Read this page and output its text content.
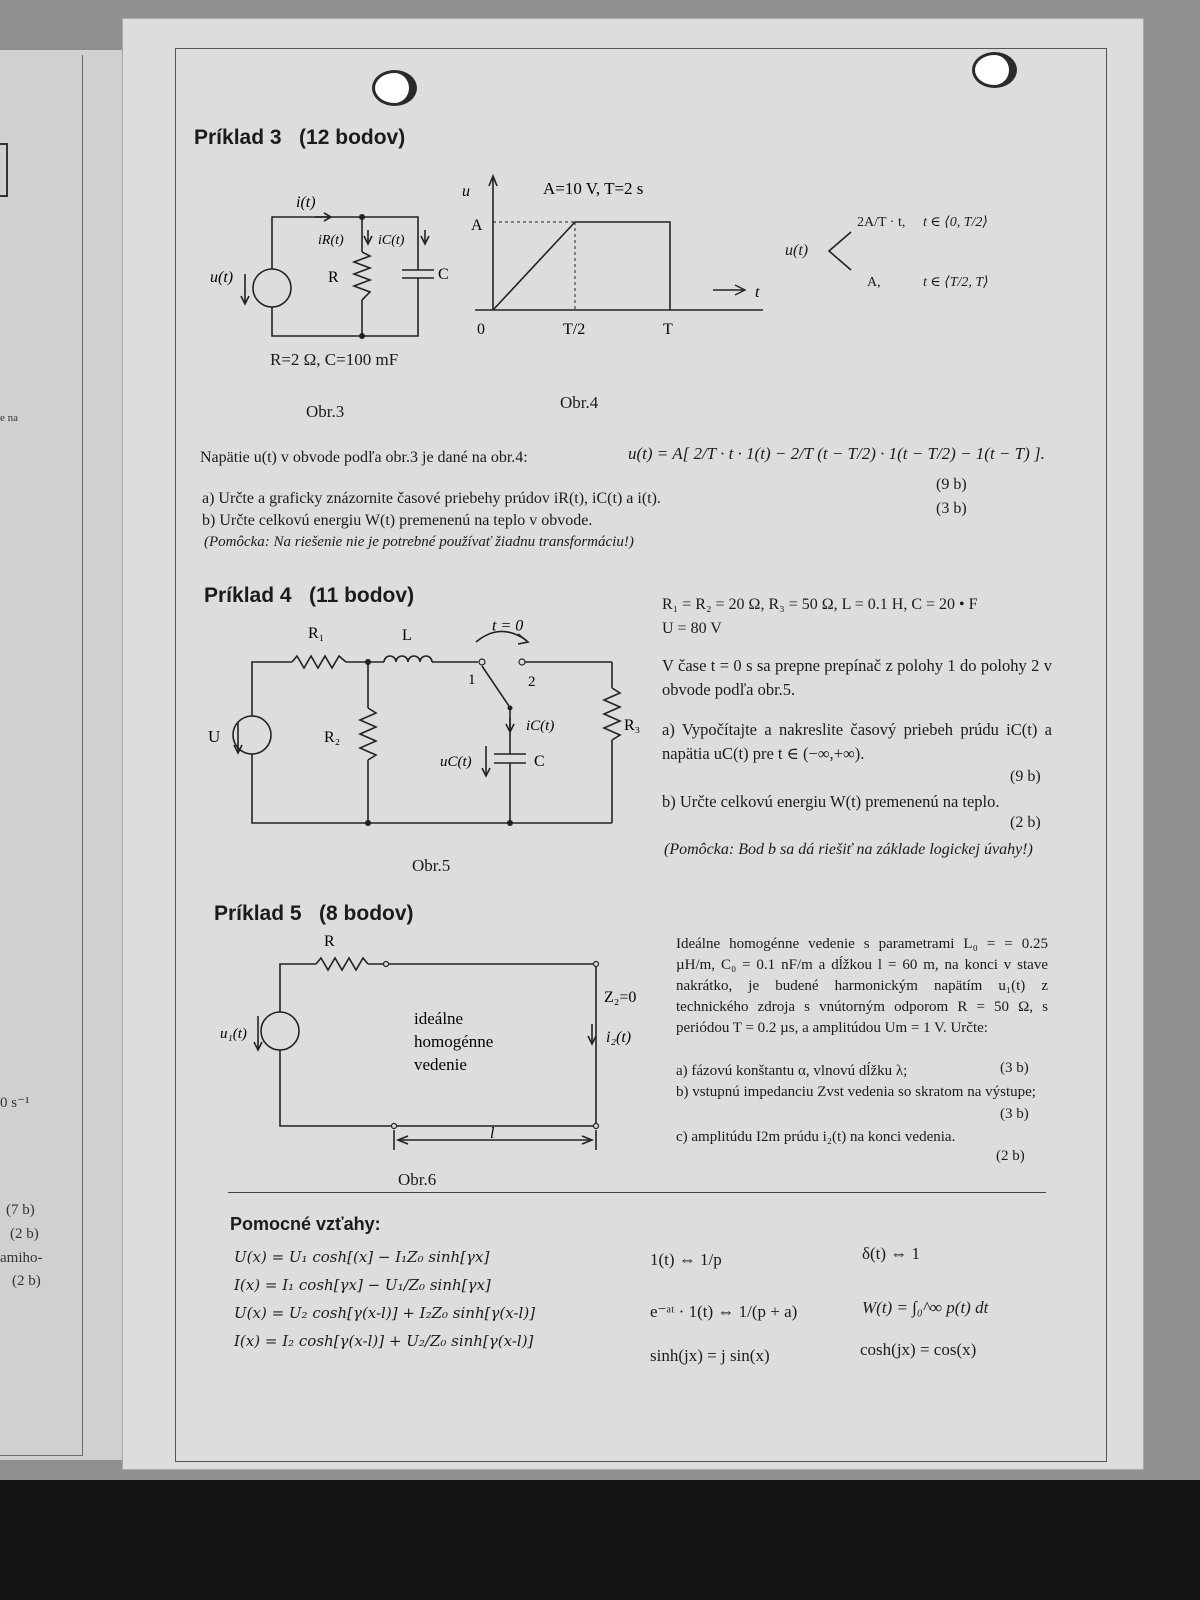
e na
0 s⁻¹
(7 b)
(2 b)
amiho-
(2 b)
Príklad 3   (12 bodov)
i(t)
iR(t) iC(t)
u(t)	R	C
R=2 Ω, C=100 mF
Obr.3
A=10 V, T=2 s
u
t
A
0	T/2	T
Obr.4
u(t)
2A/T · t, t ∈ ⟨0, T/2⟩
A,	t ∈ ⟨T/2, T⟩
Napätie u(t) v obvode podľa obr.3 je dané na obr.4:	u(t) = A[ 2/T · t · 1(t) − 2/T (t − T/2) · 1(t − T/2) − 1(t − T) ].
a) Určte a graficky znázornite časové priebehy prúdov iR(t), iC(t) a i(t).
(9 b)
b) Určte celkovú energiu W(t) premenenú na teplo v obvode.
(3 b)
(Pomôcka: Na riešenie nie je potrebné používať žiadnu transformáciu!)
Príklad 4   (11 bodov)
R₁	L
t = 0
1	2
U	R₂
iC(t)
uC(t)	C
R₃
Obr.5
R₁ = R₂ = 20 Ω, R₃ = 50 Ω, L = 0.1 H, C = 20 • F
U = 80 V
V čase t = 0 s sa prepne prepínač z polohy 1 do polohy 2 v obvode podľa obr.5.
a) Vypočítajte a nakreslite časový priebeh prúdu iC(t) a napätia uC(t) pre t ∈ (−∞,+∞).
(9 b)
b) Určte celkovú energiu W(t) premenenú na teplo.
(2 b)
(Pomôcka: Bod b sa dá riešiť na základe logickej úvahy!)
Príklad 5   (8 bodov)
R
u₁(t)
Z₂=0
i₂(t)
l
ideálne
homogénne
vedenie
Obr.6
Ideálne homogénne vedenie s parametrami L₀ = = 0.25 µH/m, C₀ = 0.1 nF/m a dĺžkou l = 60 m, na konci v stave nakrátko, je budené harmonickým napätím u₁(t) z technického zdroja s vnútorným odporom R = 50 Ω, s periódou T = 0.2 µs, a amplitúdou Um = 1 V. Určte:
a) fázovú konštantu α, vlnovú dĺžku λ;	(3 b)
b) vstupnú impedanciu Zvst vedenia so skratom na výstupe;
(3 b)
c) amplitúdu I2m prúdu i₂(t) na konci vedenia.
(2 b)
Pomocné vzťahy:
U(x) = U₁ cosh[(x] − I₁Z₀ sinh[γx]
I(x) = I₁ cosh[γx] − U₁/Z₀ sinh[γx]
U(x) = U₂ cosh[γ(x-l)] + I₂Z₀ sinh[γ(x-l)]
I(x) = I₂ cosh[γ(x-l)] + U₂/Z₀ sinh[γ(x-l)]
1(t) ⇔ 1/p
e⁻ᵃᵗ · 1(t) ⇔ 1/(p + a)
sinh(jx) = j sin(x)
δ(t) ⇔ 1
W(t) = ∫₀^∞ p(t) dt
cosh(jx) = cos(x)
